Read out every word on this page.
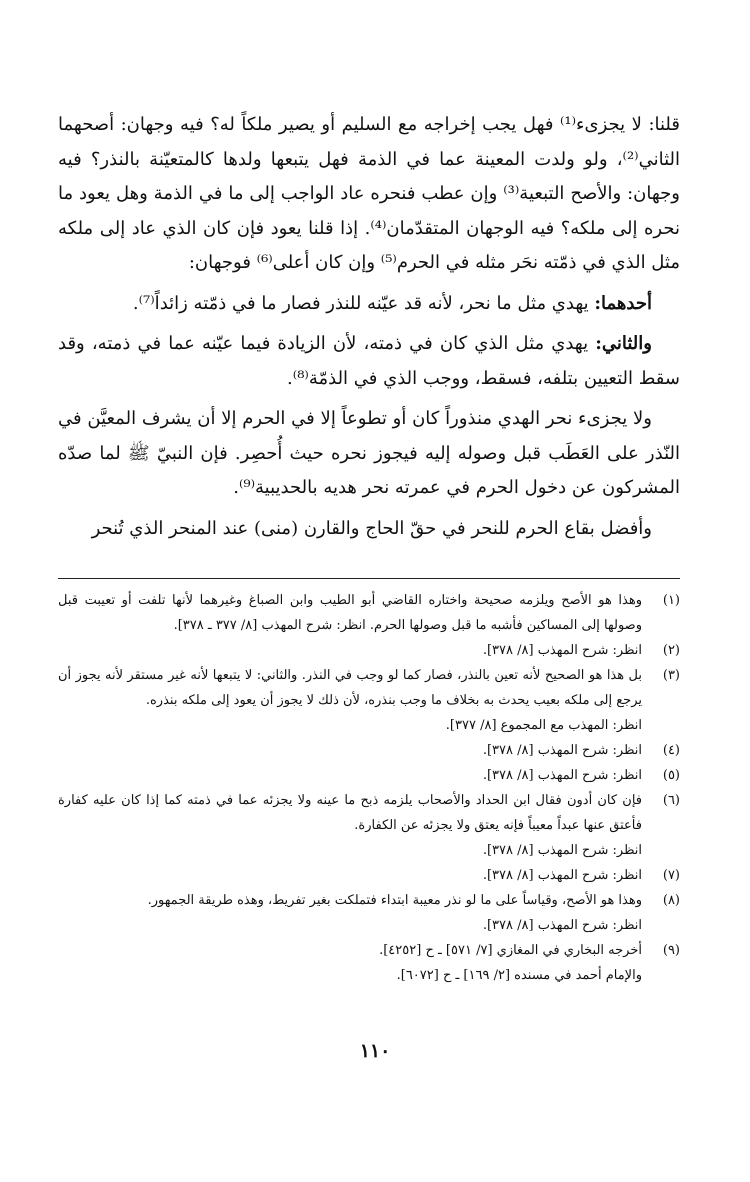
قلنا: لا يجزىء⁽¹⁾ فهل يجب إخراجه مع السليم أو يصير ملكاً له؟ فيه وجهان: أصحهما الثاني⁽²⁾، ولو ولدت المعينة عما في الذمة فهل يتبعها ولدها كالمتعيّنة بالنذر؟ فيه وجهان: والأصح التبعية⁽³⁾ وإن عطب فنحره عاد الواجب إلى ما في الذمة وهل يعود ما نحره إلى ملكه؟ فيه الوجهان المتقدّمان⁽⁴⁾. إذا قلنا يعود فإن كان الذي عاد إلى ملكه مثل الذي في ذمّته نحَر مثله في الحرم⁽⁵⁾ وإن كان أعلى⁽⁶⁾ فوجهان:

أحدهما: يهدي مثل ما نحر، لأنه قد عيّنه للنذر فصار ما في ذمّته زائداً⁽⁷⁾.

والثاني: يهدي مثل الذي كان في ذمته، لأن الزيادة فيما عيّنه عما في ذمته، وقد سقط التعيين بتلفه، فسقط، ووجب الذي في الذمّة⁽⁸⁾.

ولا يجزىء نحر الهدي منذوراً كان أو تطوعاً إلا في الحرم إلا أن يشرف المعيَّن في النّذر على العَطَب قبل وصوله إليه فيجوز نحره حيث أُحصِر. فإن النبيّ ﷺ لما صدّه المشركون عن دخول الحرم في عمرته نحر هديه بالحديبية⁽⁹⁾.

وأفضل بقاع الحرم للنحر في حقّ الحاج والقارن (منى) عند المنحر الذي تُنحر

(١)
وهذا هو الأصح ويلزمه صحيحة واختاره القاضي أبو الطيب وابن الصباغ وغيرهما لأنها تلفت أو تعيبت قبل وصولها إلى المساكين فأشبه ما قبل وصولها الحرم. انظر: شرح المهذب [٨/ ٣٧٧ ـ ٣٧٨].
(٢)
انظر: شرح المهذب [٨/ ٣٧٨].
(٣)
بل هذا هو الصحيح لأنه تعين بالنذر، فصار كما لو وجب في النذر. والثاني: لا يتبعها لأنه غير مستقر لأنه يجوز أن يرجع إلى ملكه بعيب يحدث به بخلاف ما وجب بنذره، لأن ذلك لا يجوز أن يعود إلى ملكه بنذره.
انظر: المهذب مع المجموع [٨/ ٣٧٧].
(٤)
انظر: شرح المهذب [٨/ ٣٧٨].
(٥)
انظر: شرح المهذب [٨/ ٣٧٨].
(٦)
فإن كان أدون فقال ابن الحداد والأصحاب يلزمه ذبح ما عينه ولا يجزئه عما في ذمته كما إذا كان عليه كفارة فأعتق عنها عبداً معيباً فإنه يعتق ولا يجزئه عن الكفارة.
انظر: شرح المهذب [٨/ ٣٧٨].
(٧)
انظر: شرح المهذب [٨/ ٣٧٨].
(٨)
وهذا هو الأصح، وقياساً على ما لو نذر معيبة ابتداء فتملكت بغير تفريط، وهذه طريقة الجمهور.
انظر: شرح المهذب [٨/ ٣٧٨].
(٩)
أخرجه البخاري في المغازي [٧/ ٥٧١] ـ ح [٤٢٥٢].
والإمام أحمد في مسنده [٢/ ١٦٩] ـ ح [٦٠٧٢].
١١٠
